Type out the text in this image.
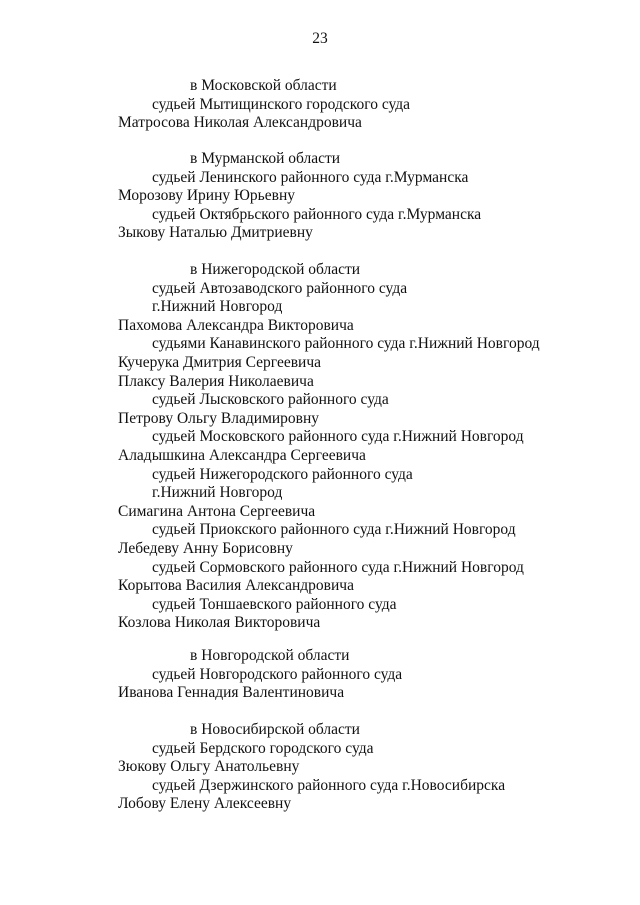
23
в Московской области
судьей Мытищинского городского суда
Матросова Николая Александровича
в Мурманской области
судьей Ленинского районного суда г.Мурманска
Морозову Ирину Юрьевну
судьей Октябрьского районного суда г.Мурманска
Зыкову Наталью Дмитриевну
в Нижегородской области
судьей Автозаводского районного суда
г.Нижний Новгород
Пахомова Александра Викторовича
судьями Канавинского районного суда г.Нижний Новгород
Кучерука Дмитрия Сергеевича
Плаксу Валерия Николаевича
судьей Лысковского районного суда
Петрову Ольгу Владимировну
судьей Московского районного суда г.Нижний Новгород
Аладышкина Александра Сергеевича
судьей Нижегородского районного суда
г.Нижний Новгород
Симагина Антона Сергеевича
судьей Приокского районного суда г.Нижний Новгород
Лебедеву Анну Борисовну
судьей Сормовского районного суда г.Нижний Новгород
Корытова Василия Александровича
судьей Тоншаевского районного суда
Козлова Николая Викторовича
в Новгородской области
судьей Новгородского районного суда
Иванова Геннадия Валентиновича
в Новосибирской области
судьей Бердского городского суда
Зюкову Ольгу Анатольевну
судьей Дзержинского районного суда г.Новосибирска
Лобову Елену Алексеевну
